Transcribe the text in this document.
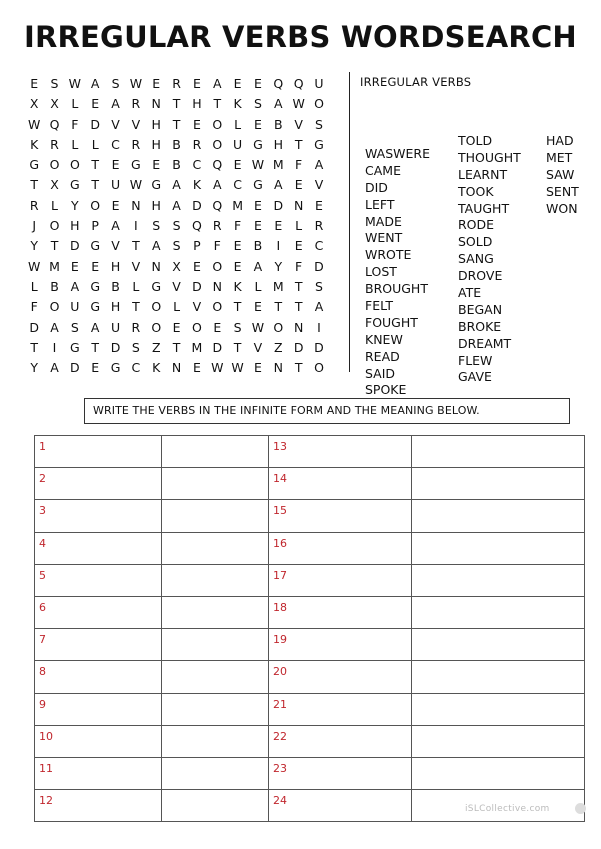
IRREGULAR VERBS WORDSEARCH
E S W A S W E R E A E E Q Q U
X X	L	E A R N T H T K S A W O
W Q F D V V H T	E O L	E B V S
K R	L	L C R H B R O U G H T G
G O O T	E G E B C Q E W M F A
T X G T U W G A K A C G A E V
R	L	Y O E N H A D Q M E D N E
J	O H P A	I	S S Q R F	E E	L	R
Y	T D G V T A S	P	F	E B	I	E C
W M E E H V N X E O E A Y	F D
L	B A G B	L G V D N K	L M T	S
F O U G H T O L	V O T	E	T	T A
D A S A U R O E O E S W O N	I
T	I	G T D S Z T M D T V Z D D
Y A D E G C K N E W W E N T O
IRREGULAR VERBS
WASWERE
CAME
DID
LEFT
MADE
WENT
WROTE
LOST
BROUGHT
FELT
FOUGHT
KNEW
READ
SAID
SPOKE
TOLD
THOUGHT
LEARNT
TOOK
TAUGHT
RODE
SOLD
SANG
DROVE
ATE
BEGAN
BROKE
DREAMT
FLEW
GAVE
HAD
MET
SAW
SENT
WON
WRITE THE VERBS IN THE INFINITE FORM AND THE MEANING BELOW.
1		13	
2		14	
3		15	
4		16	
5		17	
6		18	
7		19	
8		20	
9		21	
10		22	
11		23	
12		24	
iSLCollective.com
